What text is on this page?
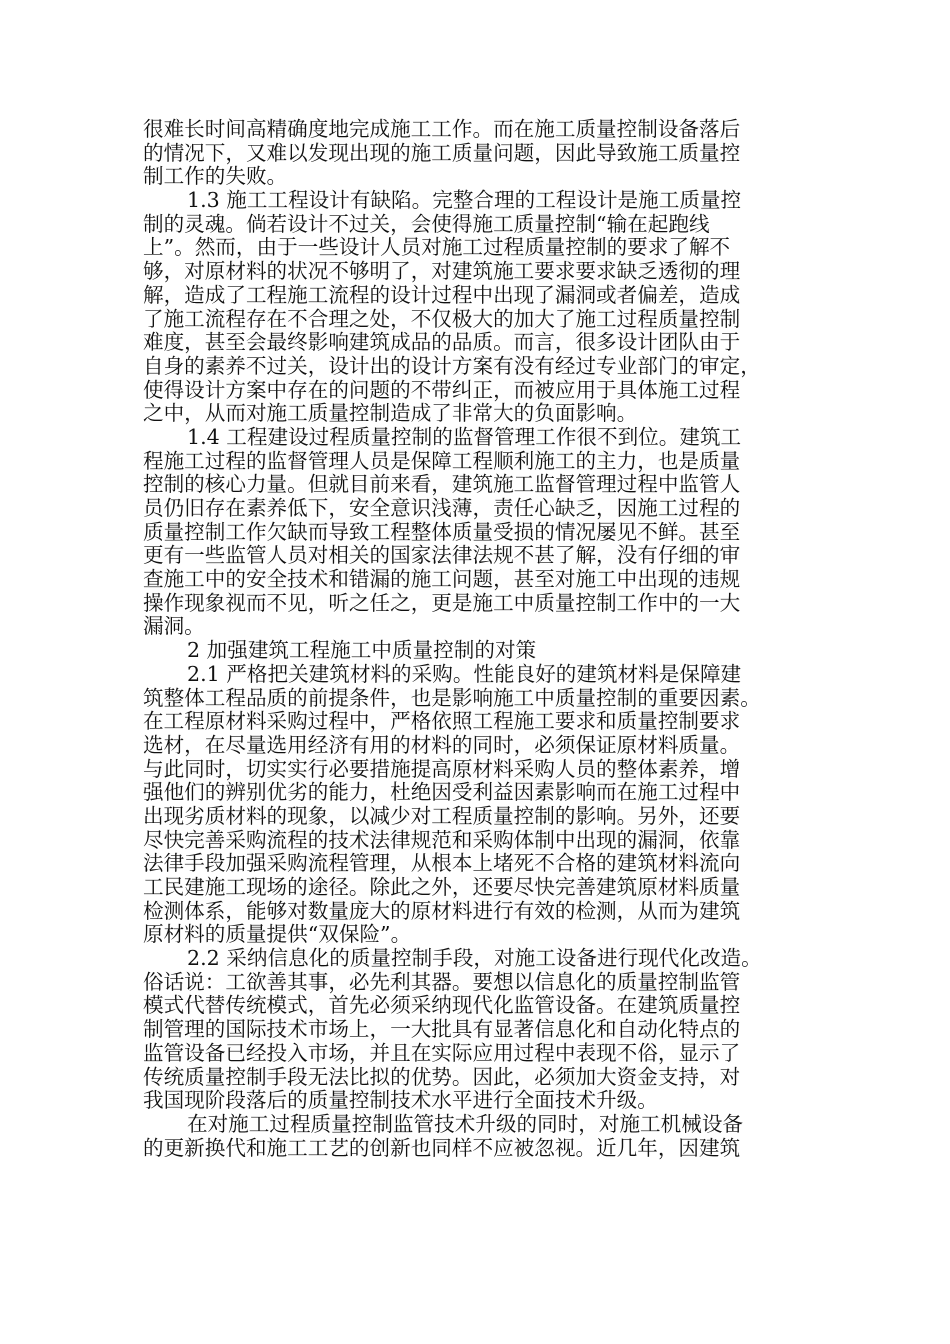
很难长时间高精确度地完成施工工作。而在施工质量控制设备落后
的情况下，又难以发现出现的施工质量问题，因此导致施工质量控
制工作的失败。
1.3 施工工程设计有缺陷。完整合理的工程设计是施工质量控
制的灵魂。倘若设计不过关，会使得施工质量控制“输在起跑线
上”。然而，由于一些设计人员对施工过程质量控制的要求了解不
够，对原材料的状况不够明了，对建筑施工要求要求缺乏透彻的理
解，造成了工程施工流程的设计过程中出现了漏洞或者偏差，造成
了施工流程存在不合理之处，不仅极大的加大了施工过程质量控制
难度，甚至会最终影响建筑成品的品质。而言，很多设计团队由于
自身的素养不过关，设计出的设计方案有没有经过专业部门的审定，
使得设计方案中存在的问题的不带纠正，而被应用于具体施工过程
之中，从而对施工质量控制造成了非常大的负面影响。
1.4 工程建设过程质量控制的监督管理工作很不到位。建筑工
程施工过程的监督管理人员是保障工程顺利施工的主力，也是质量
控制的核心力量。但就目前来看，建筑施工监督管理过程中监管人
员仍旧存在素养低下，安全意识浅薄，责任心缺乏，因施工过程的
质量控制工作欠缺而导致工程整体质量受损的情况屡见不鲜。甚至
更有一些监管人员对相关的国家法律法规不甚了解，没有仔细的审
查施工中的安全技术和错漏的施工问题，甚至对施工中出现的违规
操作现象视而不见，听之任之，更是施工中质量控制工作中的一大
漏洞。
2 加强建筑工程施工中质量控制的对策
2.1 严格把关建筑材料的采购。性能良好的建筑材料是保障建
筑整体工程品质的前提条件，也是影响施工中质量控制的重要因素。
在工程原材料采购过程中，严格依照工程施工要求和质量控制要求
选材，在尽量选用经济有用的材料的同时，必须保证原材料质量。
与此同时，切实实行必要措施提高原材料采购人员的整体素养，增
强他们的辨别优劣的能力，杜绝因受利益因素影响而在施工过程中
出现劣质材料的现象，以减少对工程质量控制的影响。另外，还要
尽快完善采购流程的技术法律规范和采购体制中出现的漏洞，依靠
法律手段加强采购流程管理，从根本上堵死不合格的建筑材料流向
工民建施工现场的途径。除此之外，还要尽快完善建筑原材料质量
检测体系，能够对数量庞大的原材料进行有效的检测，从而为建筑
原材料的质量提供“双保险”。
2.2 采纳信息化的质量控制手段，对施工设备进行现代化改造。
俗话说：工欲善其事，必先利其器。要想以信息化的质量控制监管
模式代替传统模式，首先必须采纳现代化监管设备。在建筑质量控
制管理的国际技术市场上，一大批具有显著信息化和自动化特点的
监管设备已经投入市场，并且在实际应用过程中表现不俗，显示了
传统质量控制手段无法比拟的优势。因此，必须加大资金支持，对
我国现阶段落后的质量控制技术水平进行全面技术升级。
在对施工过程质量控制监管技术升级的同时，对施工机械设备
的更新换代和施工工艺的创新也同样不应被忽视。近几年，因建筑
